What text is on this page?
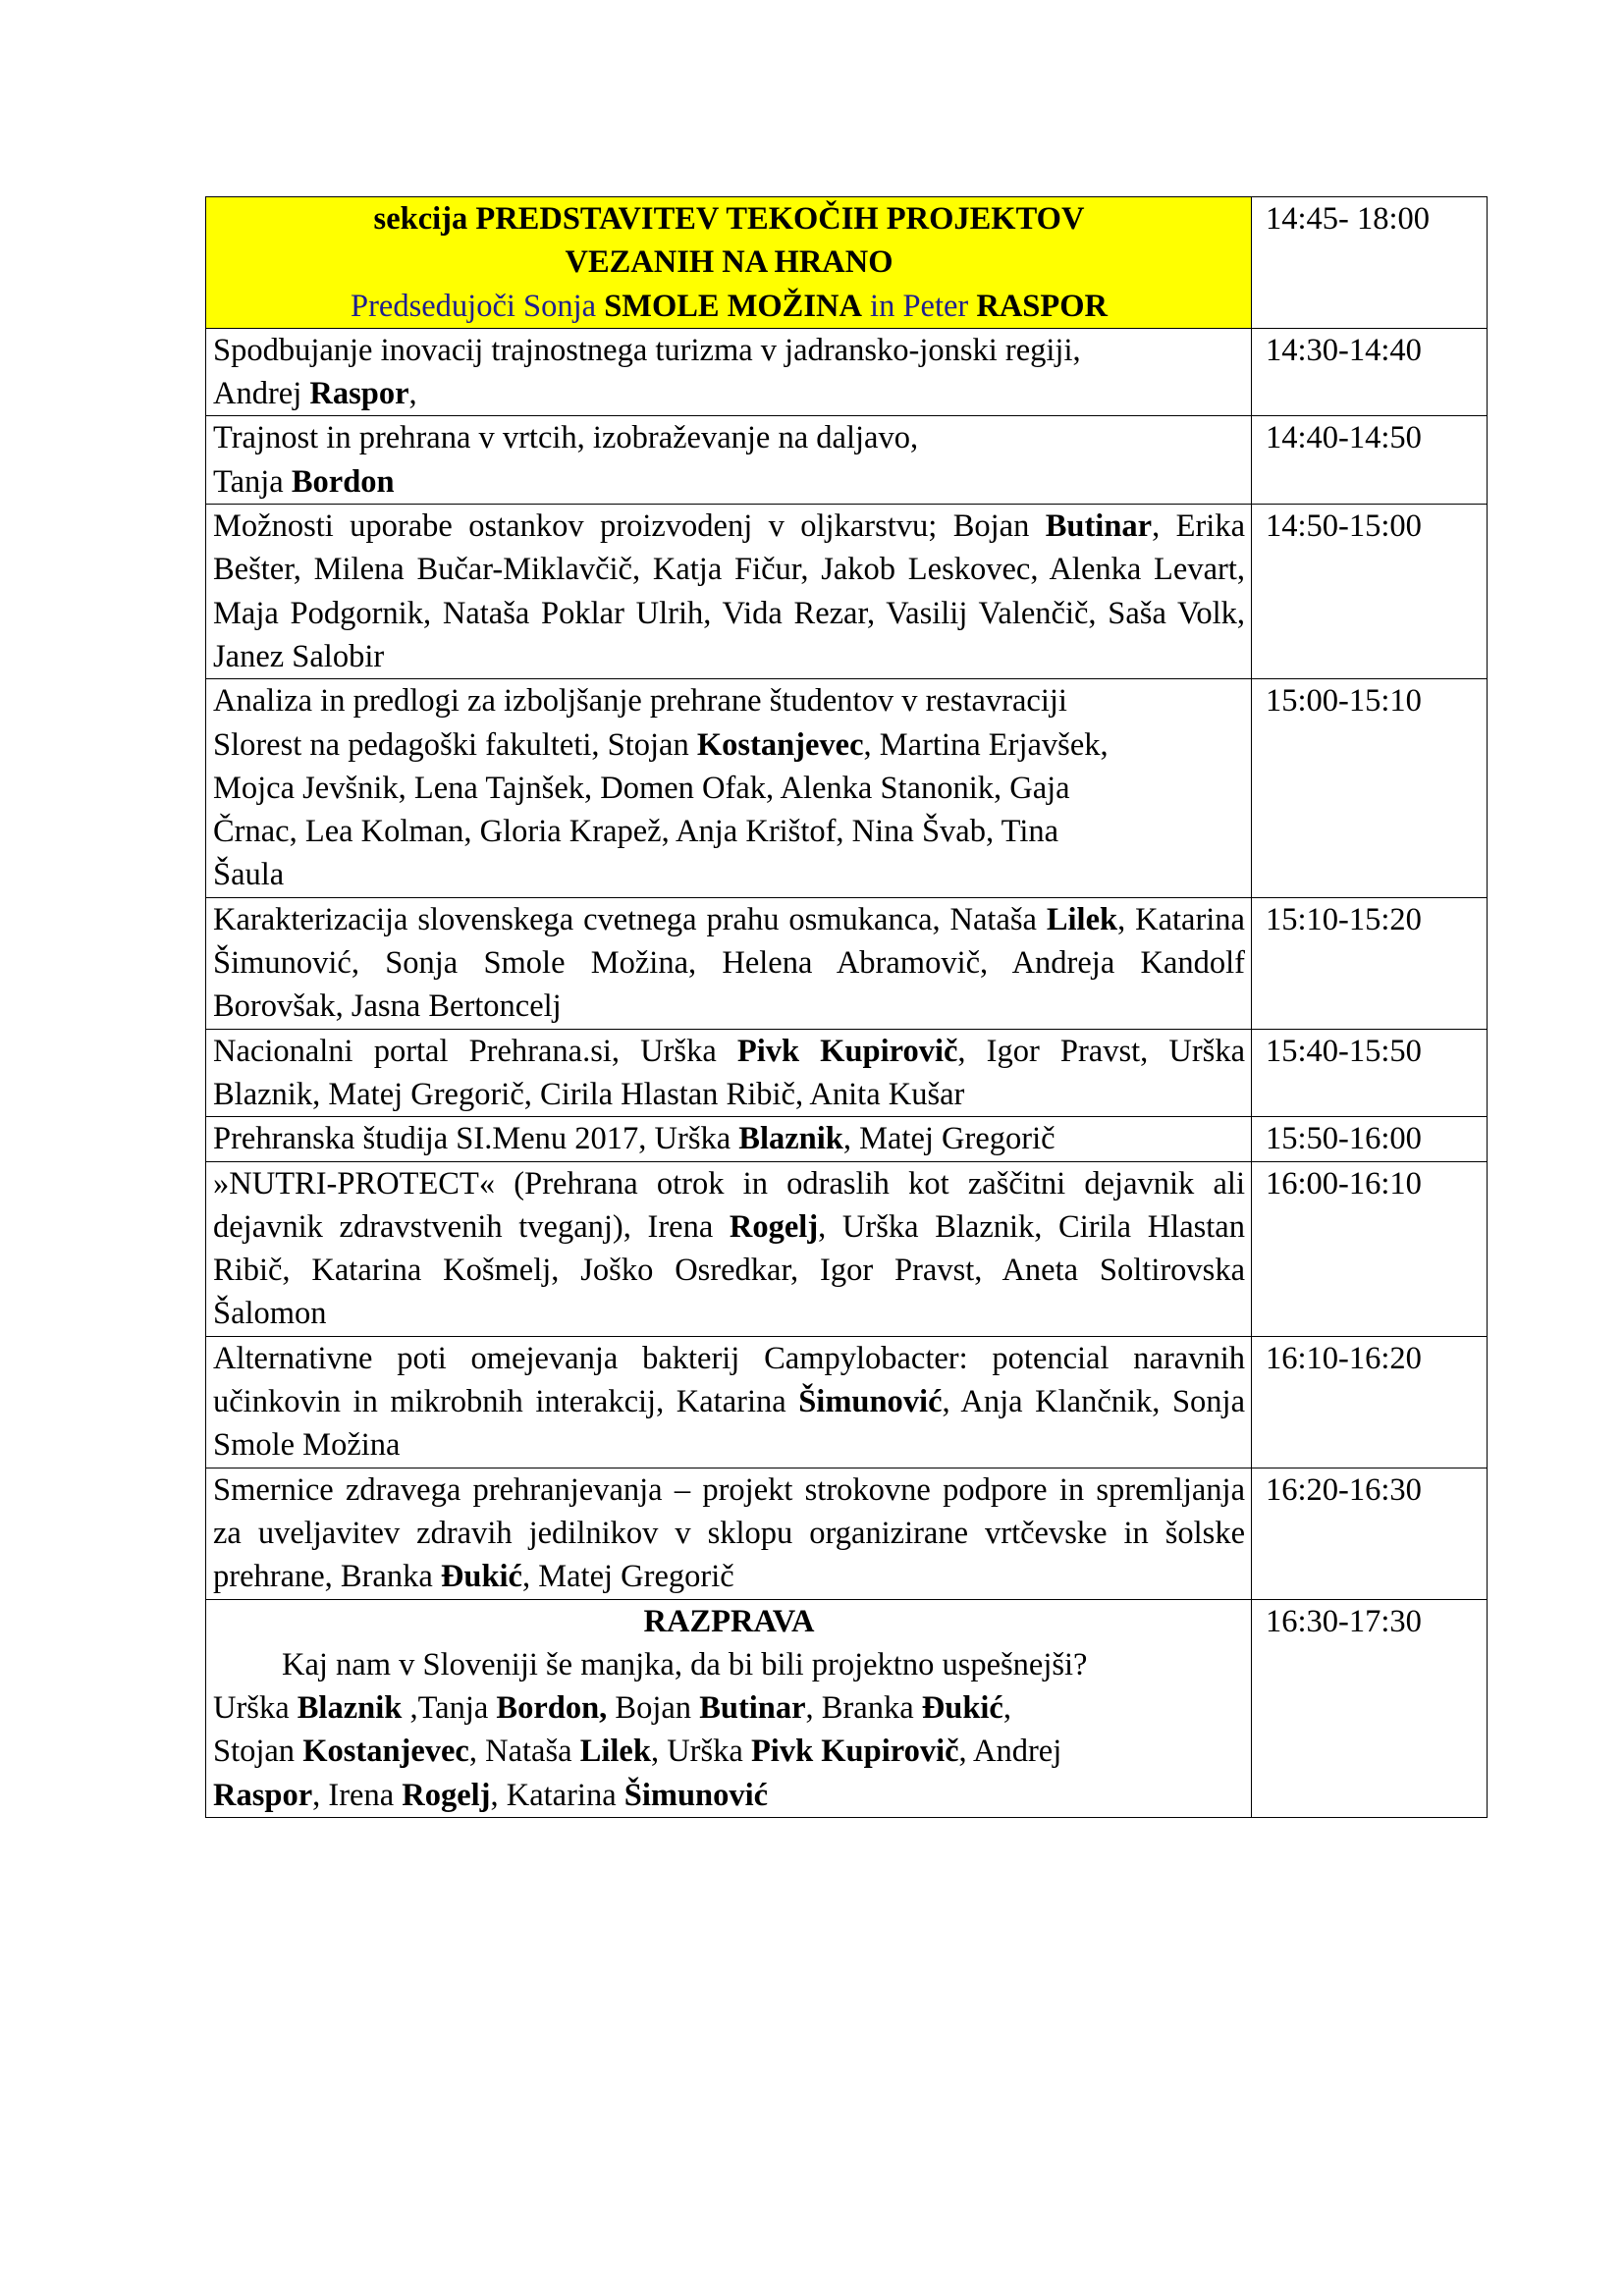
sekcija PREDSTAVITEV TEKOČIH PROJEKTOV
VEZANIH NA HRANO
Predsedujoči Sonja SMOLE MOŽINA in Peter RASPOR	14:45- 18:00

Spodbujanje inovacij trajnostnega turizma v jadransko-jonski regiji,
Andrej Raspor,	14:30-14:40

Trajnost in prehrana v vrtcih, izobraževanje na daljavo,
Tanja Bordon	14:40-14:50
Možnosti uporabe ostankov proizvodenj v oljkarstvu; Bojan Butinar, Erika Bešter, Milena Bučar-Miklavčič, Katja Fičur, Jakob Leskovec, Alenka Levart, Maja Podgornik, Nataša Poklar Ulrih, Vida Rezar, Vasilij Valenčič, Saša Volk, Janez Salobir	14:50-15:00

Analiza in predlogi za izboljšanje prehrane študentov v restavraciji
Slorest na pedagoški fakulteti, Stojan Kostanjevec, Martina Erjavšek,
Mojca Jevšnik, Lena Tajnšek, Domen Ofak, Alenka Stanonik, Gaja
Črnac, Lea Kolman, Gloria Krapež, Anja Krištof, Nina Švab, Tina
Šaula	15:00-15:10
Karakterizacija slovenskega cvetnega prahu osmukanca, Nataša Lilek, Katarina Šimunović, Sonja Smole Možina, Helena Abramovič, Andreja Kandolf Borovšak, Jasna Bertoncelj	15:10-15:20
Nacionalni portal Prehrana.si, Urška Pivk Kupirovič, Igor Pravst, Urška Blaznik, Matej Gregorič, Cirila Hlastan Ribič, Anita Kušar	15:40-15:50

Prehranska študija SI.Menu 2017, Urška Blaznik, Matej Gregorič	15:50-16:00
»NUTRI-PROTECT« (Prehrana otrok in odraslih kot zaščitni dejavnik ali dejavnik zdravstvenih tveganj), Irena Rogelj, Urška Blaznik, Cirila Hlastan Ribič, Katarina Košmelj, Joško Osredkar, Igor Pravst, Aneta Soltirovska Šalomon	16:00-16:10
Alternativne poti omejevanja bakterij Campylobacter: potencial naravnih učinkovin in mikrobnih interakcij, Katarina Šimunović, Anja Klančnik, Sonja Smole Možina	16:10-16:20
Smernice zdravega prehranjevanja – projekt strokovne podpore in spremljanja za uveljavitev zdravih jedilnikov v sklopu organizirane vrtčevske in šolske prehrane, Branka Đukić, Matej Gregorič	16:20-16:30

RAZPRAVA
Kaj nam v Sloveniji še manjka, da bi bili projektno uspešnejši?
Urška Blaznik ,Tanja Bordon, Bojan Butinar, Branka Đukić,
Stojan Kostanjevec, Nataša Lilek, Urška Pivk Kupirovič, Andrej
Raspor, Irena Rogelj, Katarina Šimunović	16:30-17:30
